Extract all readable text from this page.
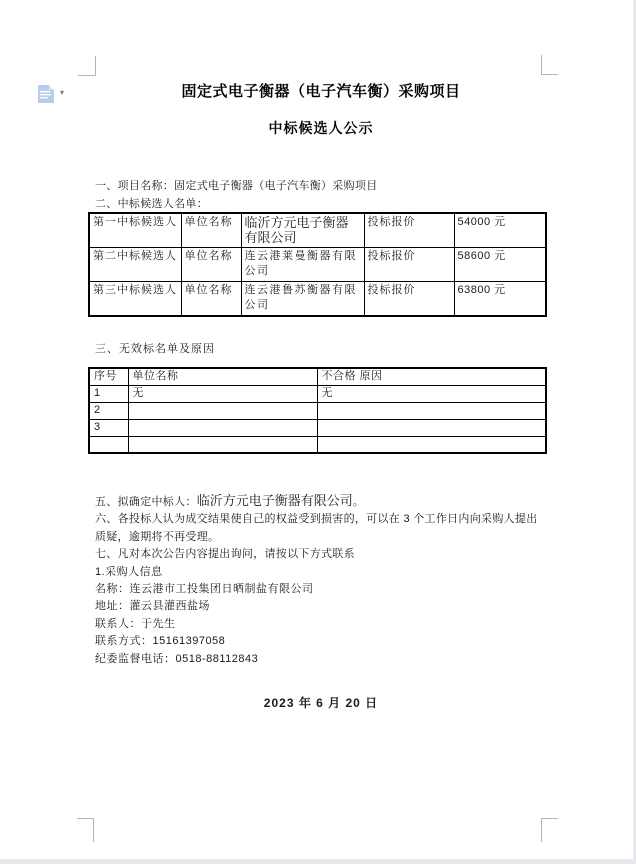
▾	固定式电子衡器（电子汽车衡）采购项目

中标候选人公示

一、项目名称：固定式电子衡器（电子汽车衡）采购项目

二、中标候选人名单：

第一中标候选人	单位名称	临沂方元电子衡器有限公司	投标报价	54000 元
第二中标候选人	单位名称	连云港莱曼衡器有限公司	投标报价	58600 元
第三中标候选人	单位名称	连云港鲁苏衡器有限公司	投标报价	63800 元

三、无效标名单及原因

序号	单位名称	不合格 原因
1	无	无
2		
3		

五、拟确定中标人：临沂方元电子衡器有限公司。

六、各投标人认为成交结果使自己的权益受到损害的，可以在 3 个工作日内向采购人提出质疑，逾期将不再受理。

七、凡对本次公告内容提出询问，请按以下方式联系

1.采购人信息
名称：连云港市工投集团日晒制盐有限公司
地址：灌云县灌西盐场
联系人：于先生
联系方式：15161397058
纪委监督电话：0518-88112843

2023 年 6 月 20 日
